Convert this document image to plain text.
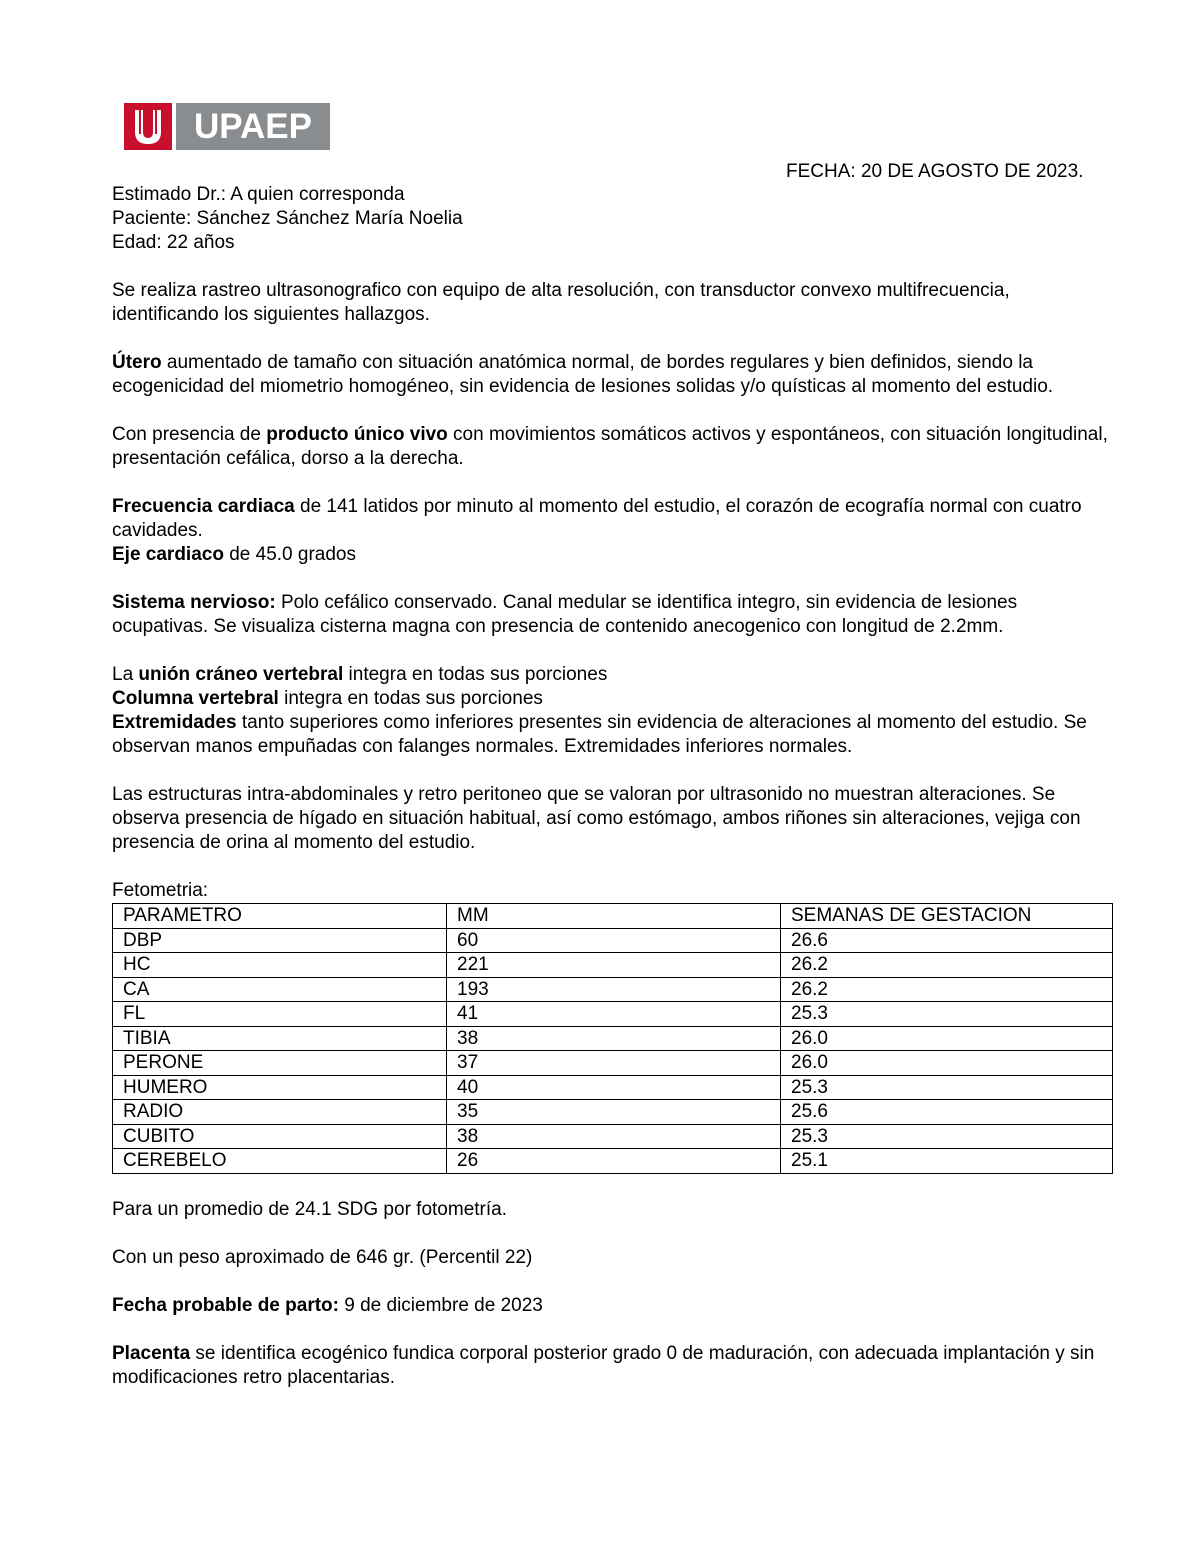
UPAEP
FECHA: 20 DE AGOSTO DE 2023.

Estimado Dr.: A quien corresponda

Paciente: Sánchez Sánchez María Noelia

Edad: 22 años

Se realiza rastreo ultrasonografico con equipo de alta resolución, con transductor convexo multifrecuencia, identificando los siguientes hallazgos.

Útero aumentado de tamaño con situación anatómica normal, de bordes regulares y bien definidos, siendo la ecogenicidad del miometrio homogéneo, sin evidencia de lesiones solidas y/o quísticas al momento del estudio.

Con presencia de producto único vivo con movimientos somáticos activos y espontáneos, con situación longitudinal, presentación cefálica, dorso a la derecha.

Frecuencia cardiaca de 141 latidos por minuto al momento del estudio, el corazón de ecografía normal con cuatro cavidades.

Eje cardiaco de 45.0 grados

Sistema nervioso: Polo cefálico conservado. Canal medular se identifica integro, sin evidencia de lesiones ocupativas. Se visualiza cisterna magna con presencia de contenido anecogenico con longitud de 2.2mm.

La unión cráneo vertebral integra en todas sus porciones

Columna vertebral integra en todas sus porciones

Extremidades tanto superiores como inferiores presentes sin evidencia de alteraciones al momento del estudio. Se observan manos empuñadas con falanges normales. Extremidades inferiores normales.

Las estructuras intra-abdominales y retro peritoneo que se valoran por ultrasonido no muestran alteraciones. Se observa presencia de hígado en situación habitual, así como estómago, ambos riñones sin alteraciones, vejiga con presencia de orina al momento del estudio.

Fetometria:

PARAMETRO	MM	SEMANAS DE GESTACION
DBP	60	26.6
HC	221	26.2
CA	193	26.2
FL	41	25.3
TIBIA	38	26.0
PERONE	37	26.0
HUMERO	40	25.3
RADIO	35	25.6
CUBITO	38	25.3
CEREBELO	26	25.1

Para un promedio de 24.1 SDG por fotometría.

Con un peso aproximado de 646 gr. (Percentil 22)

Fecha probable de parto: 9 de diciembre de 2023

Placenta se identifica ecogénico fundica corporal posterior grado 0 de maduración, con adecuada implantación y sin modificaciones retro placentarias.
